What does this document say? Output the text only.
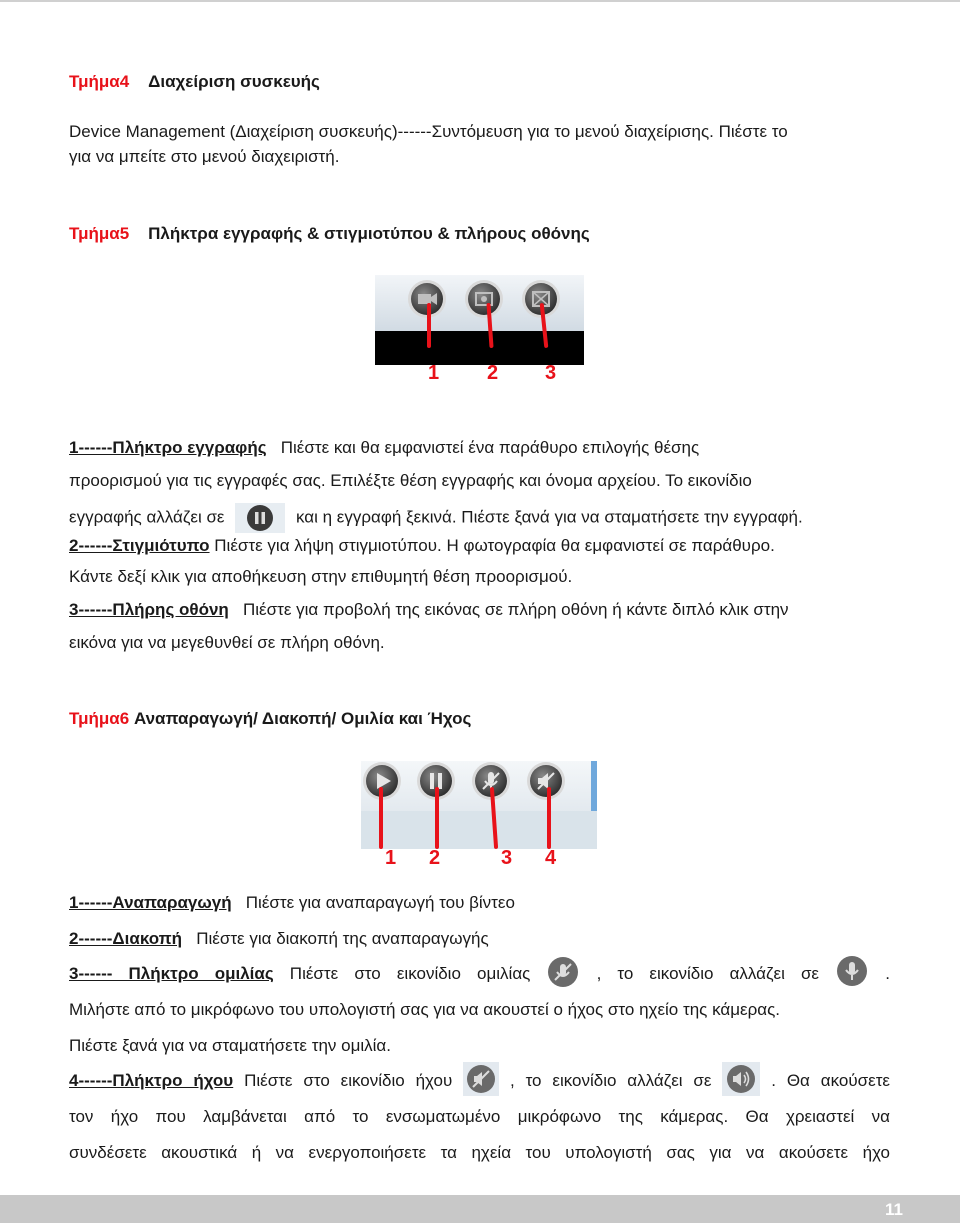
Τμήμα4 Διαχείριση συσκευής
Device Management (Διαχείριση συσκευής)------Συντόμευση για το μενού διαχείρισης. Πιέστε το
για να μπείτε στο μενού διαχειριστή.
Τμήμα5 Πλήκτρα εγγραφής & στιγμιοτύπου & πλήρους οθόνης
1 2 3
1------Πλήκτρο εγγραφής Πιέστε και θα εμφανιστεί ένα παράθυρο επιλογής θέσης
προορισμού για τις εγγραφές σας. Επιλέξτε θέση εγγραφής και όνομα αρχείου. Το εικονίδιο
εγγραφής αλλάζει σε	και η εγγραφή ξεκινά. Πιέστε ξανά για να σταματήσετε την εγγραφή.
2------Στιγμιότυπο Πιέστε για λήψη στιγμιοτύπου. Η φωτογραφία θα εμφανιστεί σε παράθυρο.
Κάντε δεξί κλικ για αποθήκευση στην επιθυμητή θέση προορισμού.
3------Πλήρης οθόνη Πιέστε για προβολή της εικόνας σε πλήρη οθόνη ή κάντε διπλό κλικ στην
εικόνα για να μεγεθυνθεί σε πλήρη οθόνη.
Τμήμα6 Αναπαραγωγή/ Διακοπή/ Ομιλία και Ήχος
1 2	3 4
1------Αναπαραγωγή Πιέστε για αναπαραγωγή του βίντεο
2------Διακοπή Πιέστε για διακοπή της αναπαραγωγής
3------ Πλήκτρο ομιλίας Πιέστε στο εικονίδιο ομιλίας	, το εικονίδιο αλλάζει σε	.
Μιλήστε από το μικρόφωνο του υπολογιστή σας για να ακουστεί ο ήχος στο ηχείο της κάμερας.
Πιέστε ξανά για να σταματήσετε την ομιλία.
4------Πλήκτρο ήχου Πιέστε στο εικονίδιο ήχου	, το εικονίδιο αλλάζει σε	. Θα ακούσετε
τον ήχο που λαμβάνεται από το ενσωματωμένο μικρόφωνο της κάμερας. Θα χρειαστεί να
συνδέσετε ακουστικά ή να ενεργοποιήσετε τα ηχεία του υπολογιστή σας για να ακούσετε ήχο
11
